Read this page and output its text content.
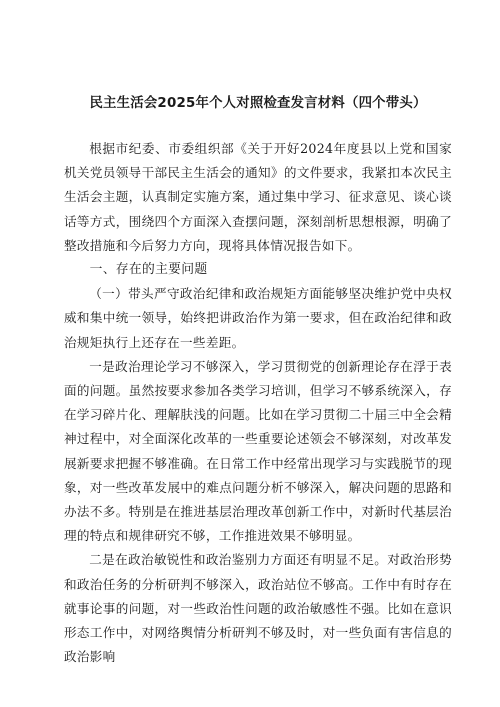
民主生活会2025年个人对照检查发言材料（四个带头）

根据市纪委、市委组织部《关于开好2024年度县以上党和国家机关党员领导干部民主生活会的通知》的文件要求，我紧扣本次民主生活会主题，认真制定实施方案，通过集中学习、征求意见、谈心谈话等方式，围绕四个方面深入查摆问题，深刻剖析思想根源，明确了整改措施和今后努力方向，现将具体情况报告如下。

一、存在的主要问题

（一）带头严守政治纪律和政治规矩方面能够坚决维护党中央权威和集中统一领导，始终把讲政治作为第一要求，但在政治纪律和政治规矩执行上还存在一些差距。

一是政治理论学习不够深入，学习贯彻党的创新理论存在浮于表面的问题。虽然按要求参加各类学习培训，但学习不够系统深入，存在学习碎片化、理解肤浅的问题。比如在学习贯彻二十届三中全会精神过程中，对全面深化改革的一些重要论述领会不够深刻，对改革发展新要求把握不够准确。在日常工作中经常出现学习与实践脱节的现象，对一些改革发展中的难点问题分析不够深入，解决问题的思路和办法不多。特别是在推进基层治理改革创新工作中，对新时代基层治理的特点和规律研究不够，工作推进效果不够明显。

二是在政治敏锐性和政治鉴别力方面还有明显不足。对政治形势和政治任务的分析研判不够深入，政治站位不够高。工作中有时存在就事论事的问题，对一些政治性问题的政治敏感性不强。比如在意识形态工作中，对网络舆情分析研判不够及时，对一些负面有害信息的政治影响
